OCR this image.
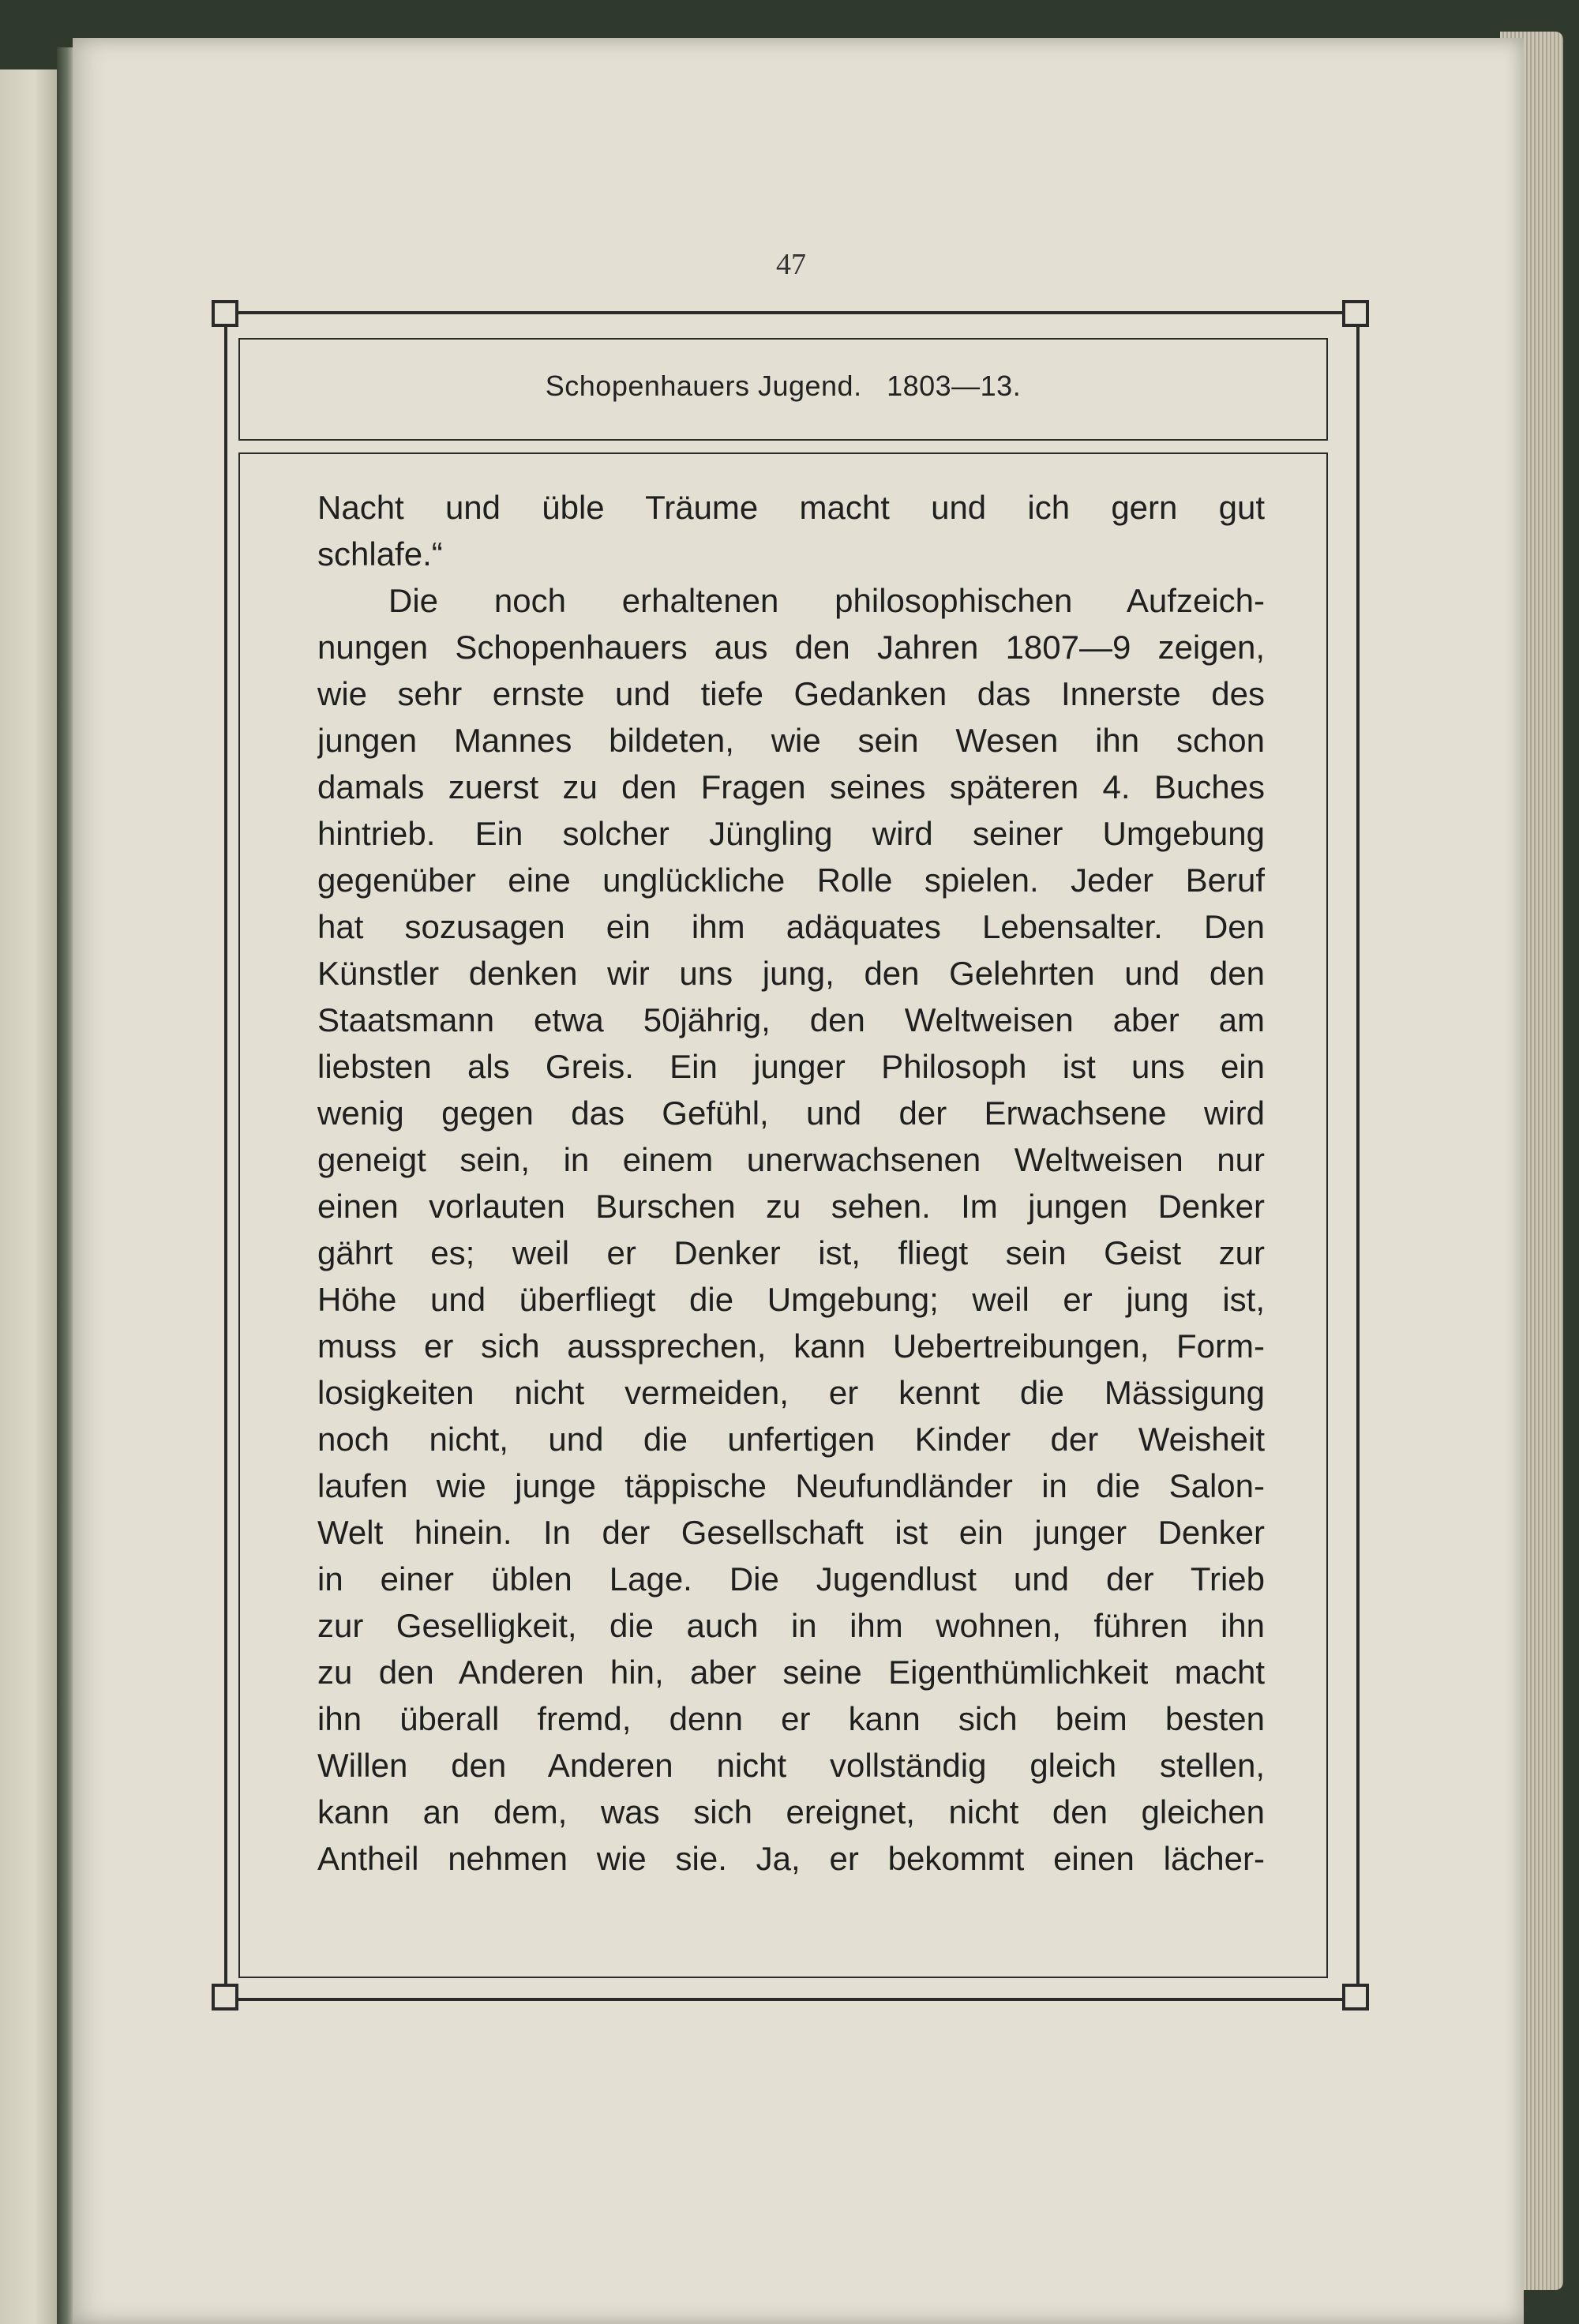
47
Schopenhauers Jugend.   1803—13.
Nacht und üble Träume macht und ich gern gut
schlafe.“
Die noch erhaltenen philosophischen Aufzeich-
nungen Schopenhauers aus den Jahren 1807—9 zeigen,
wie sehr ernste und tiefe Gedanken das Innerste des
jungen Mannes bildeten, wie sein Wesen ihn schon
damals zuerst zu den Fragen seines späteren 4. Buches
hintrieb. Ein solcher Jüngling wird seiner Umgebung
gegenüber eine unglückliche Rolle spielen. Jeder Beruf
hat sozusagen ein ihm adäquates Lebensalter. Den
Künstler denken wir uns jung, den Gelehrten und den
Staatsmann etwa 50jährig, den Weltweisen aber am
liebsten als Greis. Ein junger Philosoph ist uns ein
wenig gegen das Gefühl, und der Erwachsene wird
geneigt sein, in einem unerwachsenen Weltweisen nur
einen vorlauten Burschen zu sehen. Im jungen Denker
gährt es; weil er Denker ist, fliegt sein Geist zur
Höhe und überfliegt die Umgebung; weil er jung ist,
muss er sich aussprechen, kann Uebertreibungen, Form-
losigkeiten nicht vermeiden, er kennt die Mässigung
noch nicht, und die unfertigen Kinder der Weisheit
laufen wie junge täppische Neufundländer in die Salon-
Welt hinein. In der Gesellschaft ist ein junger Denker
in einer üblen Lage. Die Jugendlust und der Trieb
zur Geselligkeit, die auch in ihm wohnen, führen ihn
zu den Anderen hin, aber seine Eigenthümlichkeit macht
ihn überall fremd, denn er kann sich beim besten
Willen den Anderen nicht vollständig gleich stellen,
kann an dem, was sich ereignet, nicht den gleichen
Antheil nehmen wie sie. Ja, er bekommt einen lächer-
